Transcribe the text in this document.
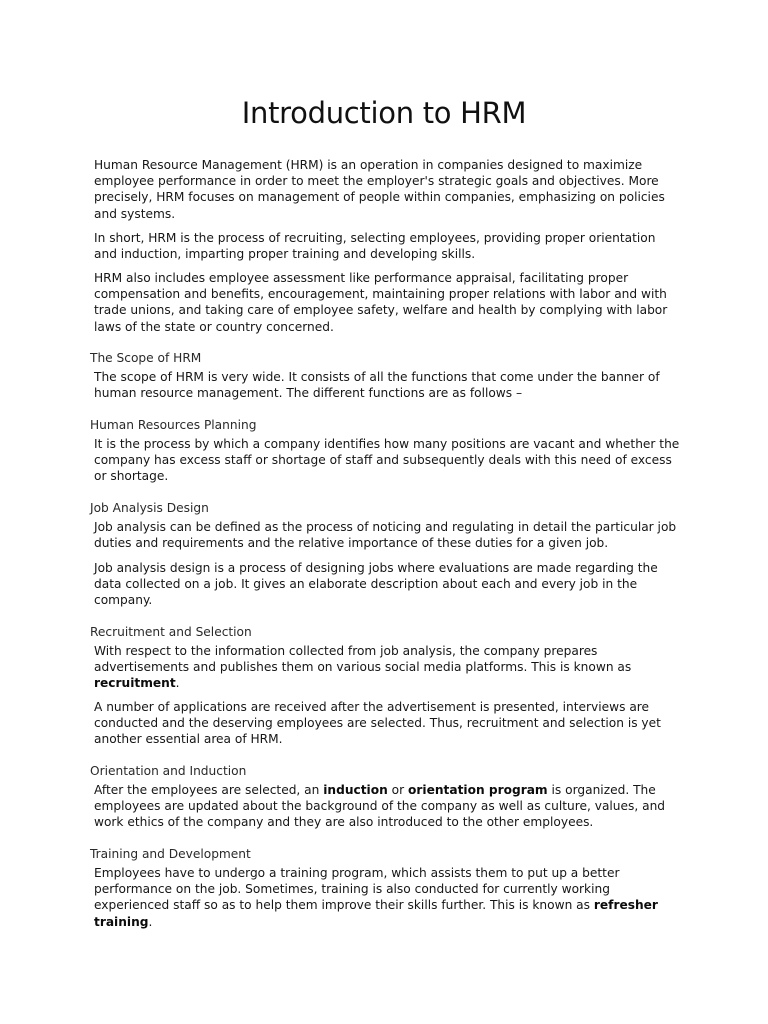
Introduction to HRM

Human Resource Management (HRM) is an operation in companies designed to maximize employee performance in order to meet the employer's strategic goals and objectives. More precisely, HRM focuses on management of people within companies, emphasizing on policies and systems.

In short, HRM is the process of recruiting, selecting employees, providing proper orientation and induction, imparting proper training and developing skills.

HRM also includes employee assessment like performance appraisal, facilitating proper compensation and benefits, encouragement, maintaining proper relations with labor and with trade unions, and taking care of employee safety, welfare and health by complying with labor laws of the state or country concerned.

The Scope of HRM

The scope of HRM is very wide. It consists of all the functions that come under the banner of human resource management. The different functions are as follows –

Human Resources Planning

It is the process by which a company identifies how many positions are vacant and whether the company has excess staff or shortage of staff and subsequently deals with this need of excess or shortage.

Job Analysis Design

Job analysis can be defined as the process of noticing and regulating in detail the particular job duties and requirements and the relative importance of these duties for a given job.

Job analysis design is a process of designing jobs where evaluations are made regarding the data collected on a job. It gives an elaborate description about each and every job in the company.

Recruitment and Selection

With respect to the information collected from job analysis, the company prepares advertisements and publishes them on various social media platforms. This is known as recruitment.

A number of applications are received after the advertisement is presented, interviews are conducted and the deserving employees are selected. Thus, recruitment and selection is yet another essential area of HRM.

Orientation and Induction

After the employees are selected, an induction or orientation program is organized. The employees are updated about the background of the company as well as culture, values, and work ethics of the company and they are also introduced to the other employees.

Training and Development

Employees have to undergo a training program, which assists them to put up a better performance on the job. Sometimes, training is also conducted for currently working experienced staff so as to help them improve their skills further. This is known as refresher training.
